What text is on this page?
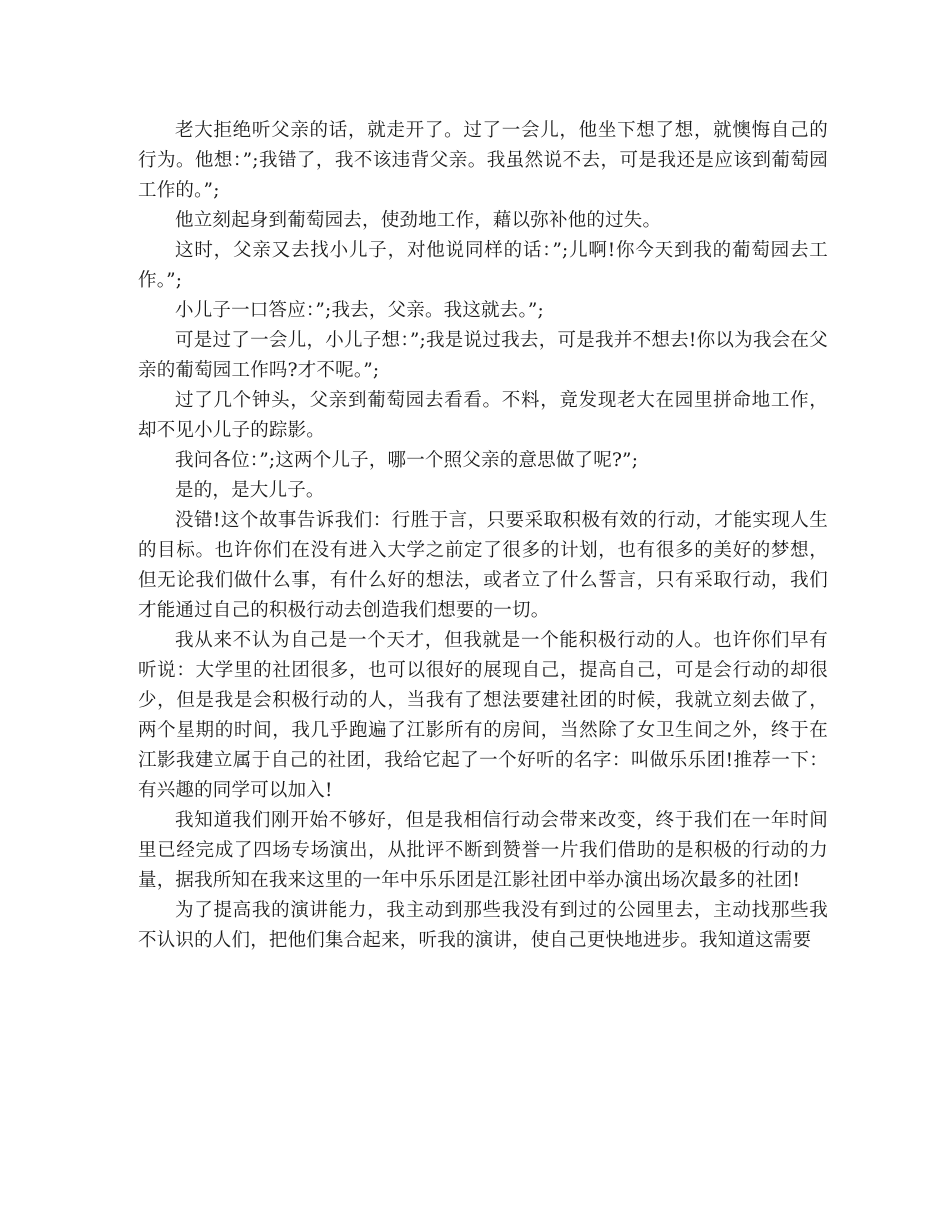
老大拒绝听父亲的话，就走开了。过了一会儿，他坐下想了想，就懊悔自己的行为。他想：”;我错了，我不该违背父亲。我虽然说不去，可是我还是应该到葡萄园工作的。”;

他立刻起身到葡萄园去，使劲地工作，藉以弥补他的过失。

这时，父亲又去找小儿子，对他说同样的话：”;儿啊!你今天到我的葡萄园去工作。”;

小儿子一口答应：”;我去，父亲。我这就去。”;

可是过了一会儿，小儿子想：”;我是说过我去，可是我并不想去!你以为我会在父亲的葡萄园工作吗?才不呢。”;

过了几个钟头，父亲到葡萄园去看看。不料，竟发现老大在园里拼命地工作，却不见小儿子的踪影。

我问各位：”;这两个儿子，哪一个照父亲的意思做了呢?”;

是的，是大儿子。

没错!这个故事告诉我们：行胜于言，只要采取积极有效的行动，才能实现人生的目标。也许你们在没有进入大学之前定了很多的计划，也有很多的美好的梦想，但无论我们做什么事，有什么好的想法，或者立了什么誓言，只有采取行动，我们才能通过自己的积极行动去创造我们想要的一切。

我从来不认为自己是一个天才，但我就是一个能积极行动的人。也许你们早有听说：大学里的社团很多，也可以很好的展现自己，提高自己，可是会行动的却很少，但是我是会积极行动的人，当我有了想法要建社团的时候，我就立刻去做了，两个星期的时间，我几乎跑遍了江影所有的房间，当然除了女卫生间之外，终于在江影我建立属于自己的社团，我给它起了一个好听的名字：叫做乐乐团!推荐一下：有兴趣的同学可以加入!

我知道我们刚开始不够好，但是我相信行动会带来改变，终于我们在一年时间里已经完成了四场专场演出，从批评不断到赞誉一片我们借助的是积极的行动的力量，据我所知在我来这里的一年中乐乐团是江影社团中举办演出场次最多的社团!

为了提高我的演讲能力，我主动到那些我没有到过的公园里去，主动找那些我不认识的人们，把他们集合起来，听我的演讲，使自己更快地进步。我知道这需要
